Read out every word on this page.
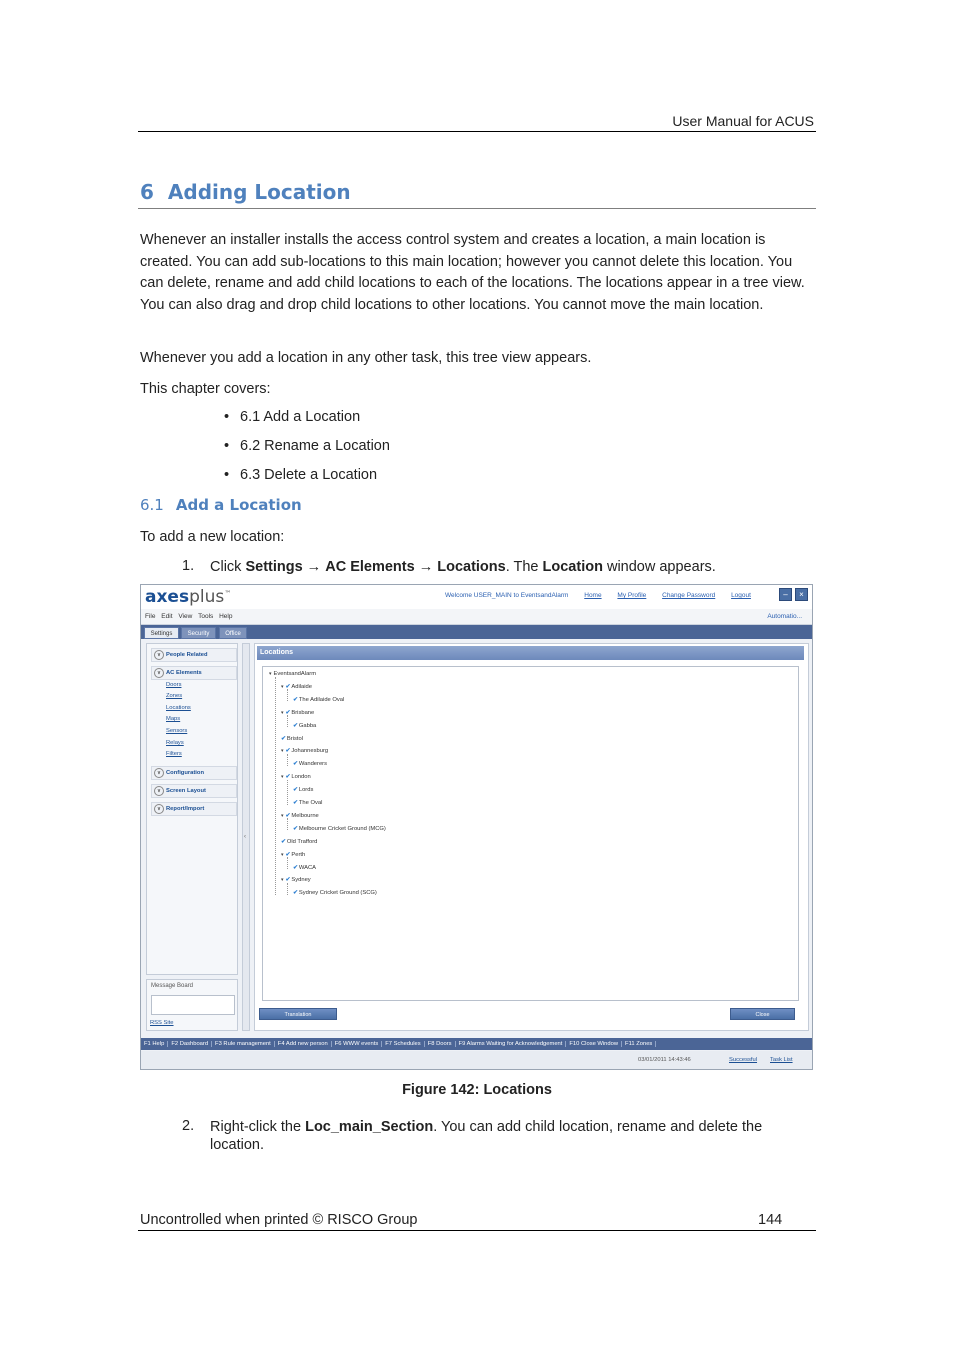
User Manual for ACUS
6 Adding Location
Whenever an installer installs the access control system and creates a location, a main location is created. You can add sub-locations to this main location; however you cannot delete this location. You can delete, rename and add child locations to each of the locations. The locations appear in a tree view. You can also drag and drop child locations to other locations. You cannot move the main location.
Whenever you add a location in any other task, this tree view appears.
This chapter covers:
• 6.1 Add a Location
• 6.2 Rename a Location
• 6.3 Delete a Location
6.1 Add a Location
To add a new location:
1. Click Settings → AC Elements → Locations. The Location window appears.
axesplus™	Welcome USER_MAIN to EventsandAlarm Home My Profile Change Password Logout	–	×
File Edit View Tools Help	Automatio...
Settings	Security	Office
∨ People Related
∨ AC Elements
Doors
Zones
Locations
Maps
Sensors
Relays
Filters
∨ Configuration
∨ Screen Layout
∨ Report/Import
‹
Message Board
RSS Site
Locations
▾ EventsandAlarm
▾ ✔Adilaide
✔The Adilaide Oval
▾ ✔Brisbane
✔Gabba
✔Bristol
▾ ✔Johannesburg
✔Wanderers
▾ ✔London
✔Lords
✔The Oval
▾ ✔Melbourne
✔Melbourne Cricket Ground (MCG)
✔Old Trafford
▾ ✔Perth
✔WACA
▾ ✔Sydney
✔Sydney Cricket Ground (SCG)
Translation	Close
F1 Help F2 Dashboard F3 Rule management F4 Add new person F6 WWW events F7 Schedules F8 Doors F9 Alarms Waiting for Acknowledgement F10 Close Window F11 Zones
03/01/2011 14:43:46	Successful Task List
Figure 142: Locations
2. Right-click the Loc_main_Section. You can add child location, rename and delete the location.
Uncontrolled when printed © RISCO Group	144
